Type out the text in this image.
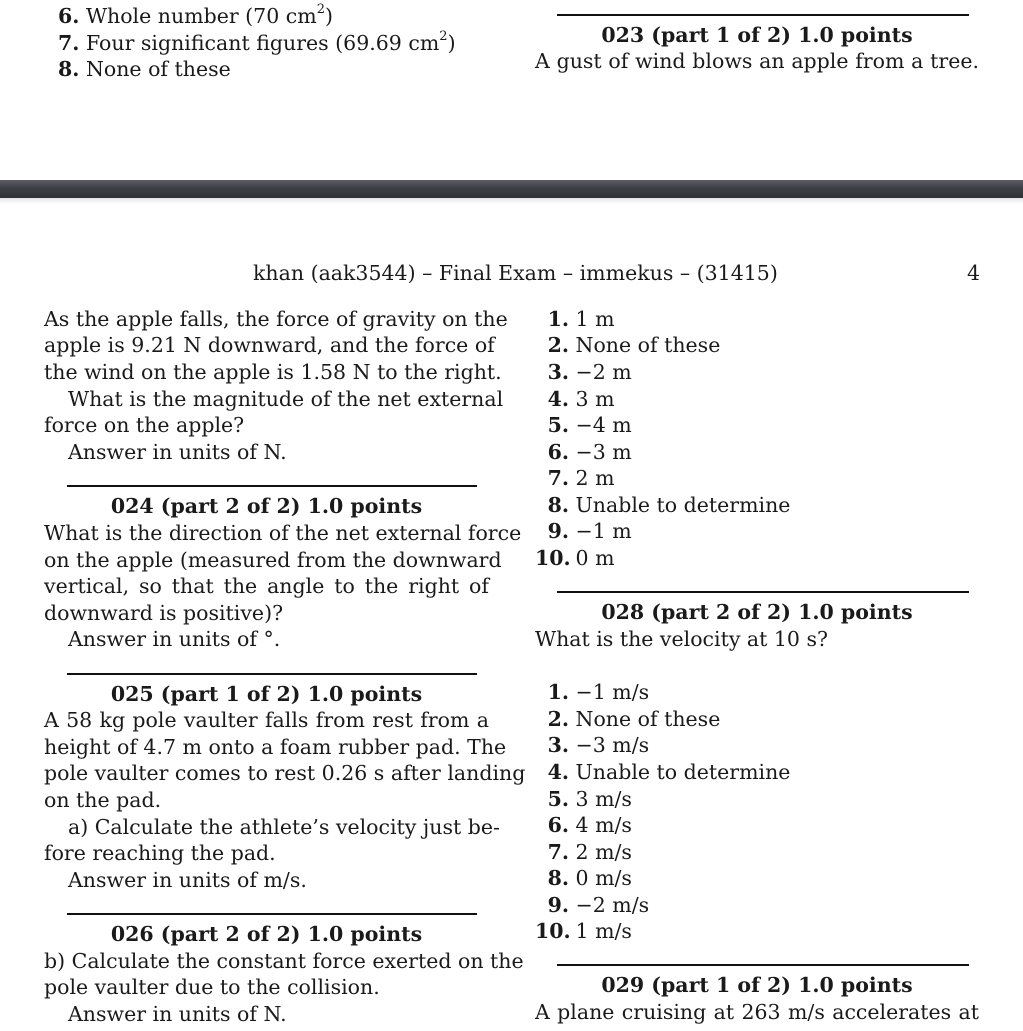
6. Whole number (70 $cm^2$)
7. Four significant figures (69.69 $cm^2$)
8. None of these
023 (part 1 of 2) 1.0 points
A gust of wind blows an apple from a tree.
khan (aak3544) – Final Exam – immekus – (31415)	4
As the apple falls, the force of gravity on the
apple is 9.21 N downward, and the force of
the wind on the apple is 1.58 N to the right.
What is the magnitude of the net external
force on the apple?
Answer in units of N.
024 (part 2 of 2) 1.0 points
What is the direction of the net external force
on the apple (measured from the downward
vertical, so that the angle to the right of
downward is positive)?
Answer in units of °.
025 (part 1 of 2) 1.0 points
A 58 kg pole vaulter falls from rest from a
height of 4.7 m onto a foam rubber pad. The
pole vaulter comes to rest 0.26 s after landing
on the pad.
a) Calculate the athlete’s velocity just be-
fore reaching the pad.
Answer in units of m/s.
026 (part 2 of 2) 1.0 points
b) Calculate the constant force exerted on the
pole vaulter due to the collision.
Answer in units of N.
1. 1 m
2. None of these
3. −2 m
4. 3 m
5. −4 m
6. −3 m
7. 2 m
8. Unable to determine
9. −1 m
10. 0 m
028 (part 2 of 2) 1.0 points
What is the velocity at 10 s?
1. −1 m/s
2. None of these
3. −3 m/s
4. Unable to determine
5. 3 m/s
6. 4 m/s
7. 2 m/s
8. 0 m/s
9. −2 m/s
10. 1 m/s
029 (part 1 of 2) 1.0 points
A plane cruising at 263 m/s accelerates at
